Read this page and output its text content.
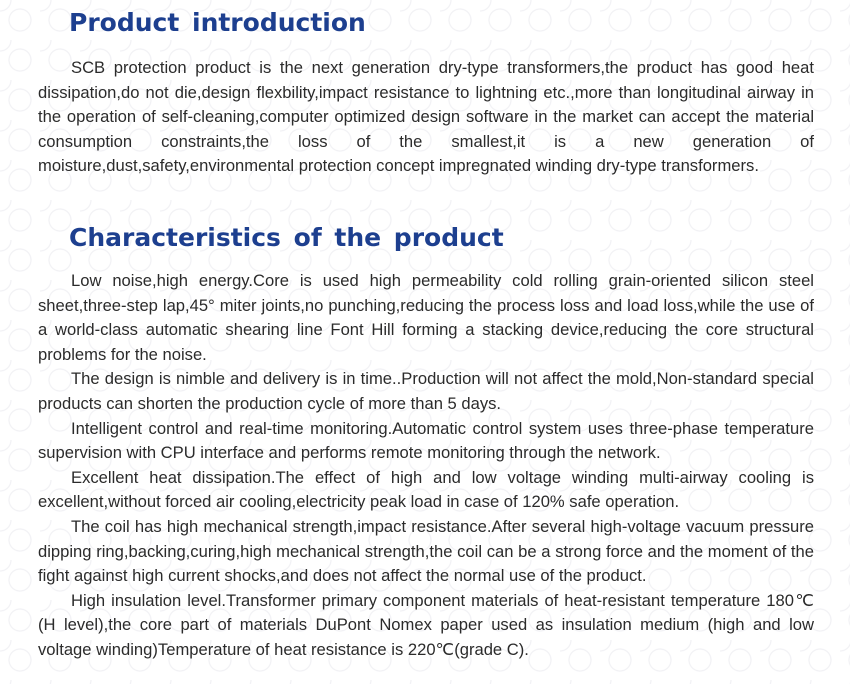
Product introduction

SCB protection product is the next generation dry-type transformers,the product has good heat dissipation,do not die,design flexbility,impact resistance to lightning etc.,more than longitudinal airway in the operation of self-cleaning,computer optimized design software in the market can accept the material consumption constraints,the loss of the smallest,it is a new generation of moisture,dust,safety,environmental protection concept impregnated winding dry-type transformers.

Characteristics of the product

Low noise,high energy.Core is used high permeability cold rolling grain-oriented silicon steel sheet,three-step lap,45° miter joints,no punching,reducing the process loss and load loss,while the use of a world-class automatic shearing line Font Hill forming a stacking device,reducing the core structural problems for the noise.

The design is nimble and delivery is in time..Production will not affect the mold,Non-standard special products can shorten the production cycle of more than 5 days.

Intelligent control and real-time monitoring.Automatic control system uses three-phase temperature supervision with CPU interface and performs remote monitoring through the network.

Excellent heat dissipation.The effect of high and low voltage winding multi-airway cooling is excellent,without forced air cooling,electricity peak load in case of 120% safe operation.

The coil has high mechanical strength,impact resistance.After several high-voltage vacuum pressure dipping ring,backing,curing,high mechanical strength,the coil can be a strong force and the moment of the fight against high current shocks,and does not affect the normal use of the product.

High insulation level.Transformer primary component materials of heat-resistant temperature 180℃(H level),the core part of materials DuPont Nomex paper used as insulation medium (high and low voltage winding)Temperature of heat resistance is 220℃(grade C).
